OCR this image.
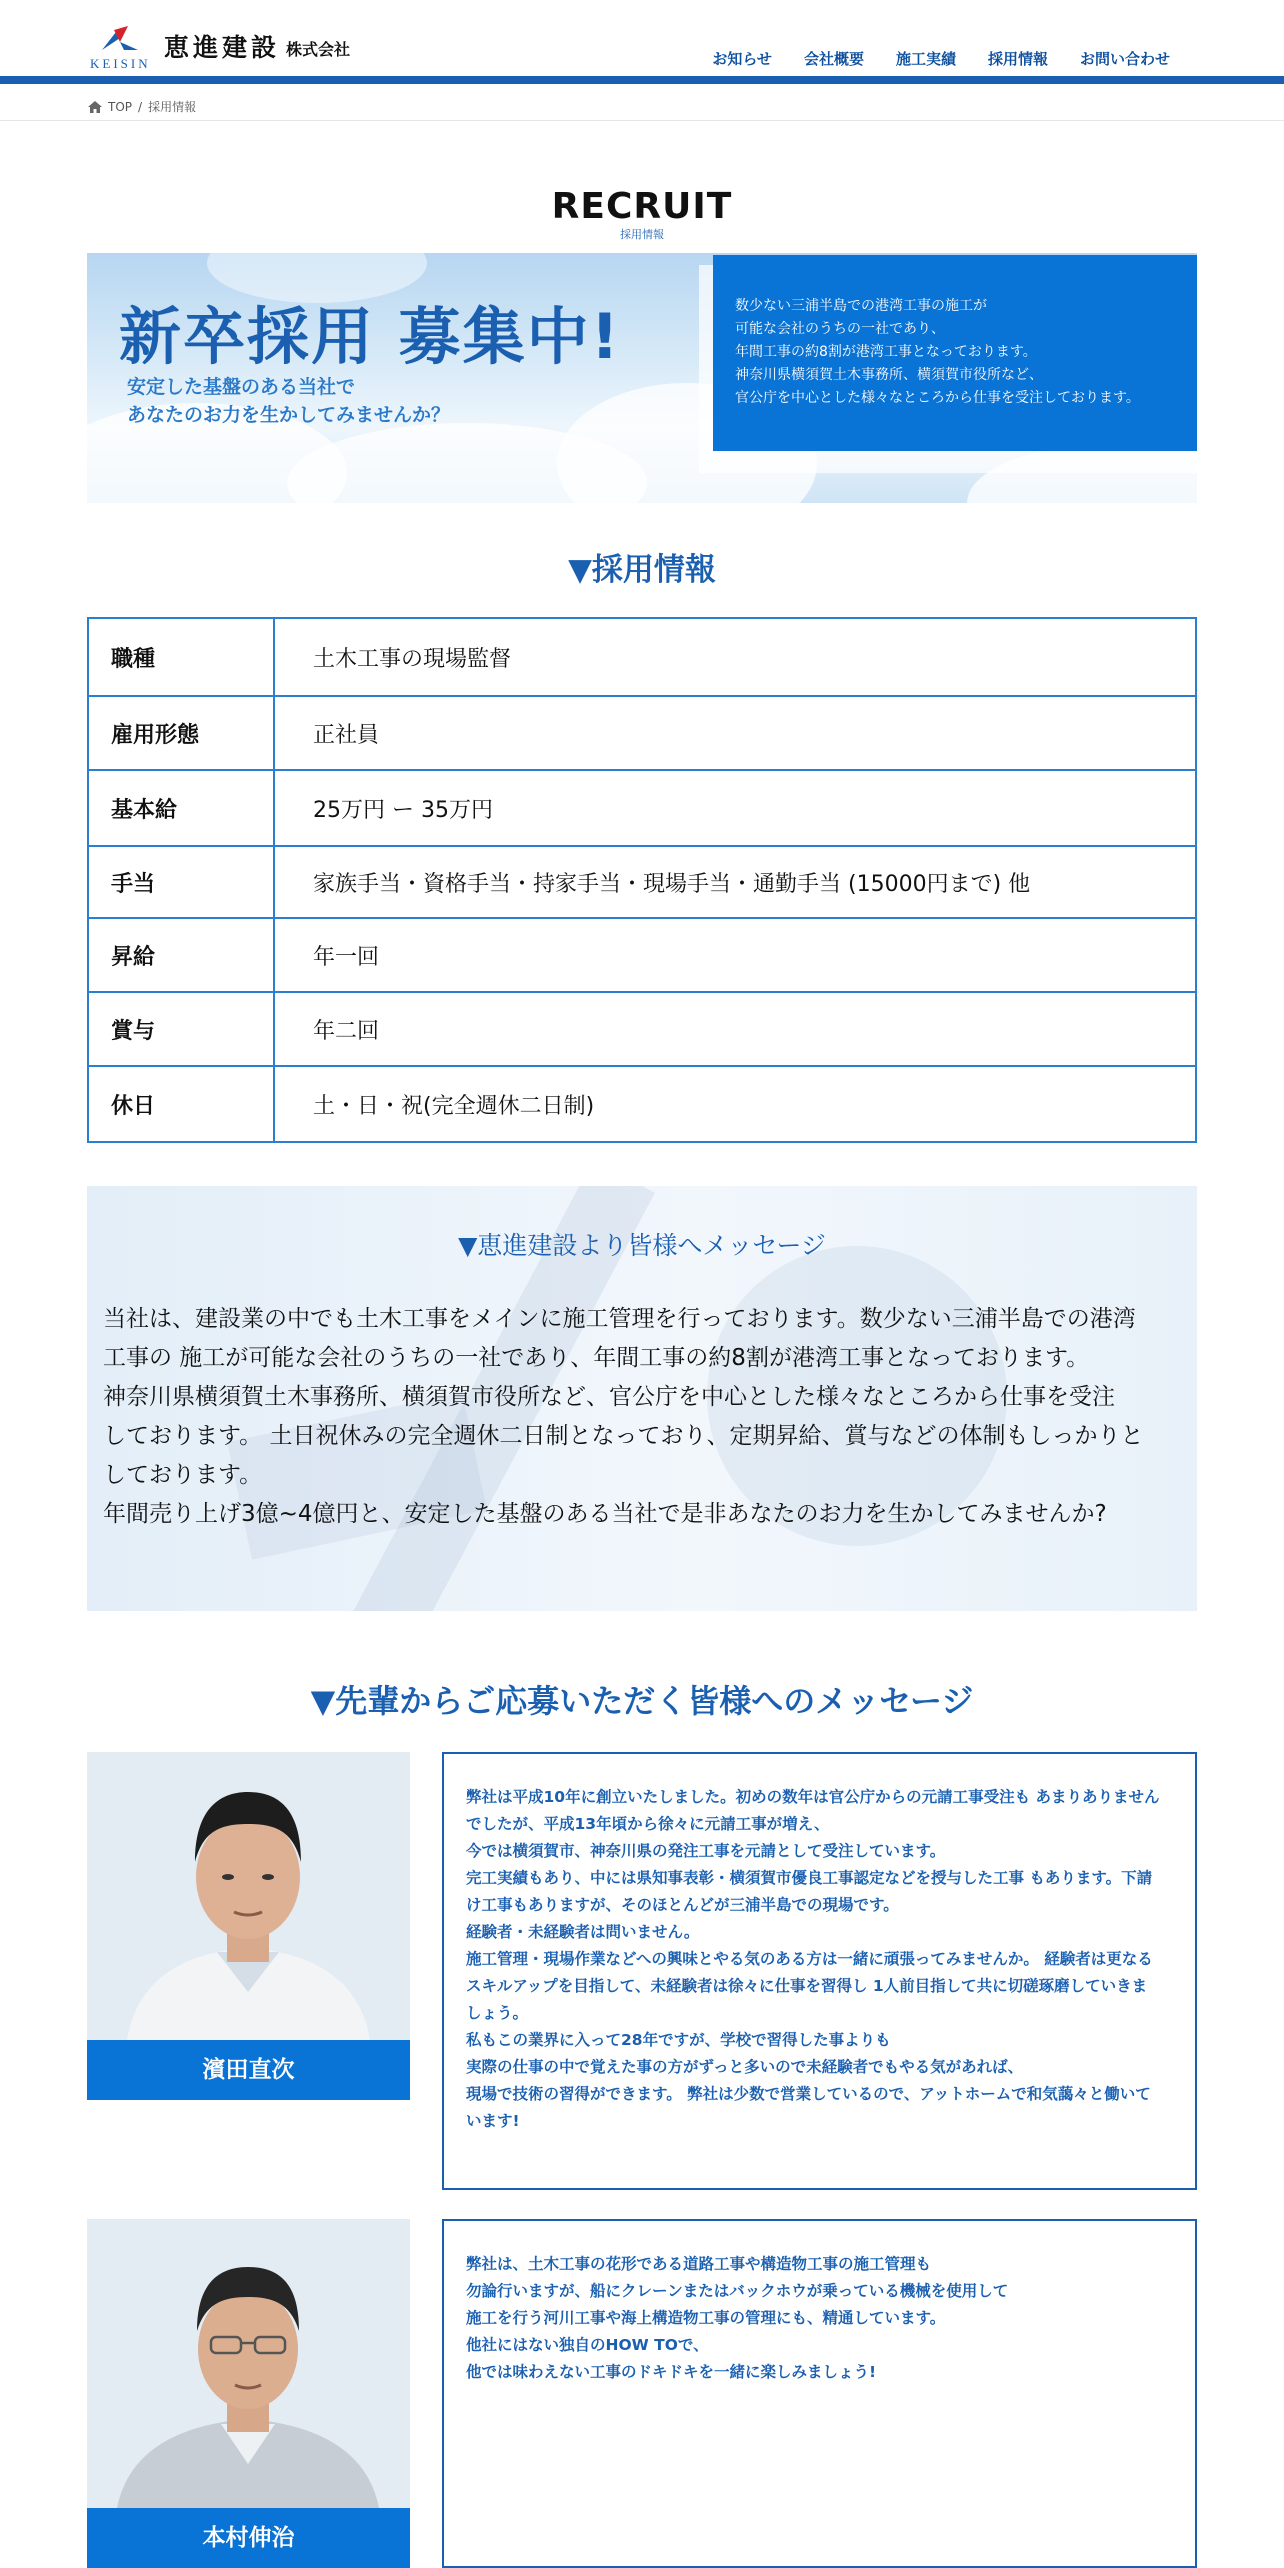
KEISIN
恵進建設 株式会社	お知らせ	会社概要	施工実績	採用情報	お問い合わせ
TOP / 採用情報
RECRUIT
採用情報
新卒採用 募集中!
安定した基盤のある当社で
あなたのお力を生かしてみませんか？

数少ない三浦半島での港湾工事の施工が

可能な会社のうちの一社であり、

年間工事の約8割が港湾工事となっております。

神奈川県横須賀土木事務所、横須賀市役所など、

官公庁を中心とした様々なところから仕事を受注しております。

▼採用情報
職種	土木工事の現場監督
雇用形態	正社員
基本給	25万円 ー 35万円
手当	家族手当・資格手当・持家手当・現場手当・通勤手当 (15000円まで) 他
昇給	年一回
賞与	年二回
休日	土・日・祝(完全週休二日制)
▼恵進建設より皆様へメッセージ
当社は、建設業の中でも土木工事をメインに施工管理を行っております。数少ない三浦半島での港湾
工事の 施工が可能な会社のうちの一社であり、年間工事の約8割が港湾工事となっております。
神奈川県横須賀土木事務所、横須賀市役所など、官公庁を中心とした様々なところから仕事を受注
しております。 土日祝休みの完全週休二日制となっており、定期昇給、賞与などの体制もしっかりと
しております。
年間売り上げ3億~4億円と、安定した基盤のある当社で是非あなたのお力を生かしてみませんか?
▼先輩からご応募いただく皆様へのメッセージ
濱田直次

弊社は平成10年に創立いたしました。初めの数年は官公庁からの元請工事受注も あまりありません

でしたが、平成13年頃から徐々に元請工事が増え、

今では横須賀市、神奈川県の発注工事を元請として受注しています。

完工実績もあり、中には県知事表彰・横須賀市優良工事認定などを授与した工事 もあります。下請

け工事もありますが、そのほとんどが三浦半島での現場です。

経験者・未経験者は問いません。

施工管理・現場作業などへの興味とやる気のある方は一緒に頑張ってみませんか。 経験者は更なる

スキルアップを目指して、未経験者は徐々に仕事を習得し 1人前目指して共に切磋琢磨していきま

しょう。

私もこの業界に入って28年ですが、学校で習得した事よりも

実際の仕事の中で覚えた事の方がずっと多いので未経験者でもやる気があれば、

現場で技術の習得ができます。 弊社は少数で営業しているので、アットホームで和気藹々と働いて

います!

本村伸治

弊社は、土木工事の花形である道路工事や構造物工事の施工管理も

勿論行いますが、船にクレーンまたはバックホウが乗っている機械を使用して

施工を行う河川工事や海上構造物工事の管理にも、精通しています。

他社にはない独自のHOW TOで、

他では味わえない工事のドキドキを一緒に楽しみましょう!
